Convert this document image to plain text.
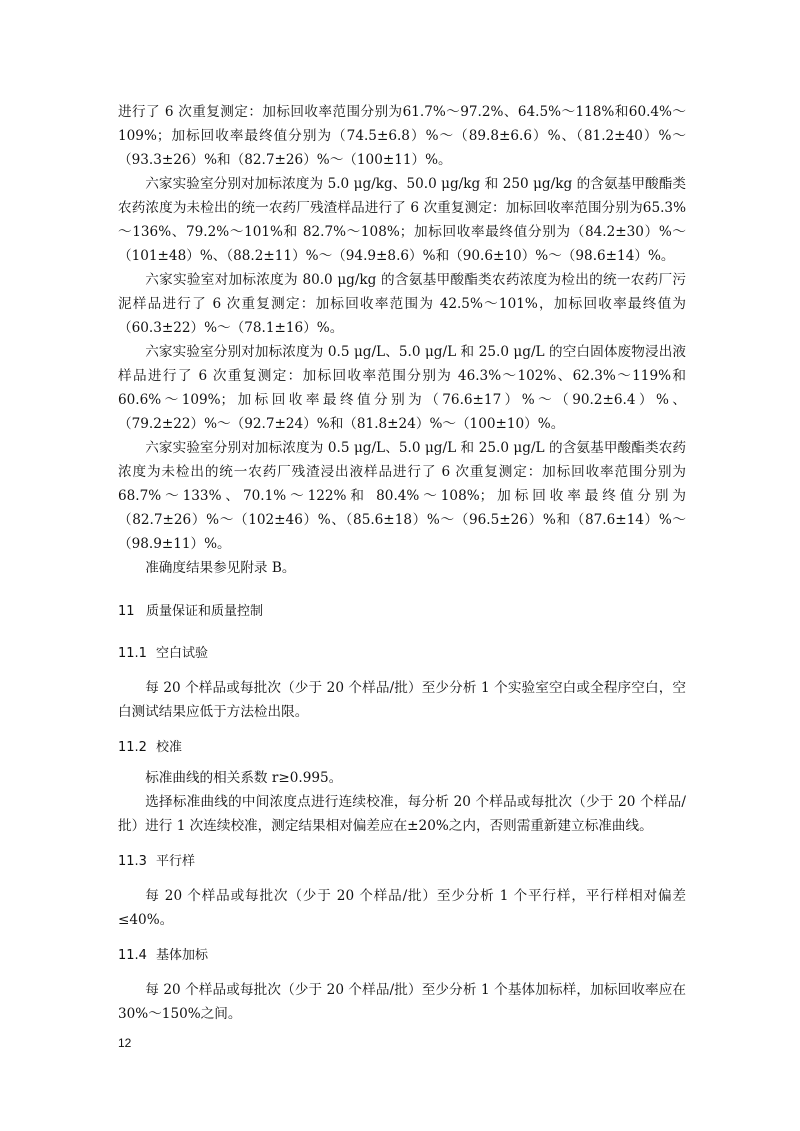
进行了 6 次重复测定：加标回收率范围分别为61.7%～97.2%、64.5%～118%和60.4%～109%；加标回收率最终值分别为（74.5±6.8）%～（89.8±6.6）%、（81.2±40）%～（93.3±26）%和（82.7±26）%～（100±11）%。

六家实验室分别对加标浓度为 5.0 μg/kg、50.0 μg/kg 和 250 μg/kg 的含氨基甲酸酯类农药浓度为未检出的统一农药厂残渣样品进行了 6 次重复测定：加标回收率范围分别为65.3%～136%、79.2%～101%和 82.7%～108%；加标回收率最终值分别为（84.2±30）%～（101±48）%、（88.2±11）%～（94.9±8.6）%和（90.6±10）%～（98.6±14）%。

六家实验室对加标浓度为 80.0 μg/kg 的含氨基甲酸酯类农药浓度为检出的统一农药厂污泥样品进行了 6 次重复测定：加标回收率范围为 42.5%～101%，加标回收率最终值为（60.3±22）%～（78.1±16）%。

六家实验室分别对加标浓度为 0.5 μg/L、5.0 μg/L 和 25.0 μg/L 的空白固体废物浸出液样品进行了 6 次重复测定：加标回收率范围分别为 46.3%～102%、62.3%～119%和 60.6%～109%；加标回收率最终值分别为（76.6±17）%～（90.2±6.4）%、（79.2±22）%～（92.7±24）%和（81.8±24）%～（100±10）%。

六家实验室分别对加标浓度为 0.5 μg/L、5.0 μg/L 和 25.0 μg/L 的含氨基甲酸酯类农药浓度为未检出的统一农药厂残渣浸出液样品进行了 6 次重复测定：加标回收率范围分别为68.7%～133%、70.1%～122%和 80.4%～108%；加标回收率最终值分别为（82.7±26）%～（102±46）%、（85.6±18）%～（96.5±26）%和（87.6±14）%～（98.9±11）%。

准确度结果参见附录 B。

11 质量保证和质量控制
11.1 空白试验

每 20 个样品或每批次（少于 20 个样品/批）至少分析 1 个实验室空白或全程序空白，空白测试结果应低于方法检出限。

11.2 校准

标准曲线的相关系数 r≥0.995。

选择标准曲线的中间浓度点进行连续校准，每分析 20 个样品或每批次（少于 20 个样品/批）进行 1 次连续校准，测定结果相对偏差应在±20%之内，否则需重新建立标准曲线。

11.3 平行样

每 20 个样品或每批次（少于 20 个样品/批）至少分析 1 个平行样，平行样相对偏差≤40%。

11.4 基体加标

每 20 个样品或每批次（少于 20 个样品/批）至少分析 1 个基体加标样，加标回收率应在 30%～150%之间。

12
